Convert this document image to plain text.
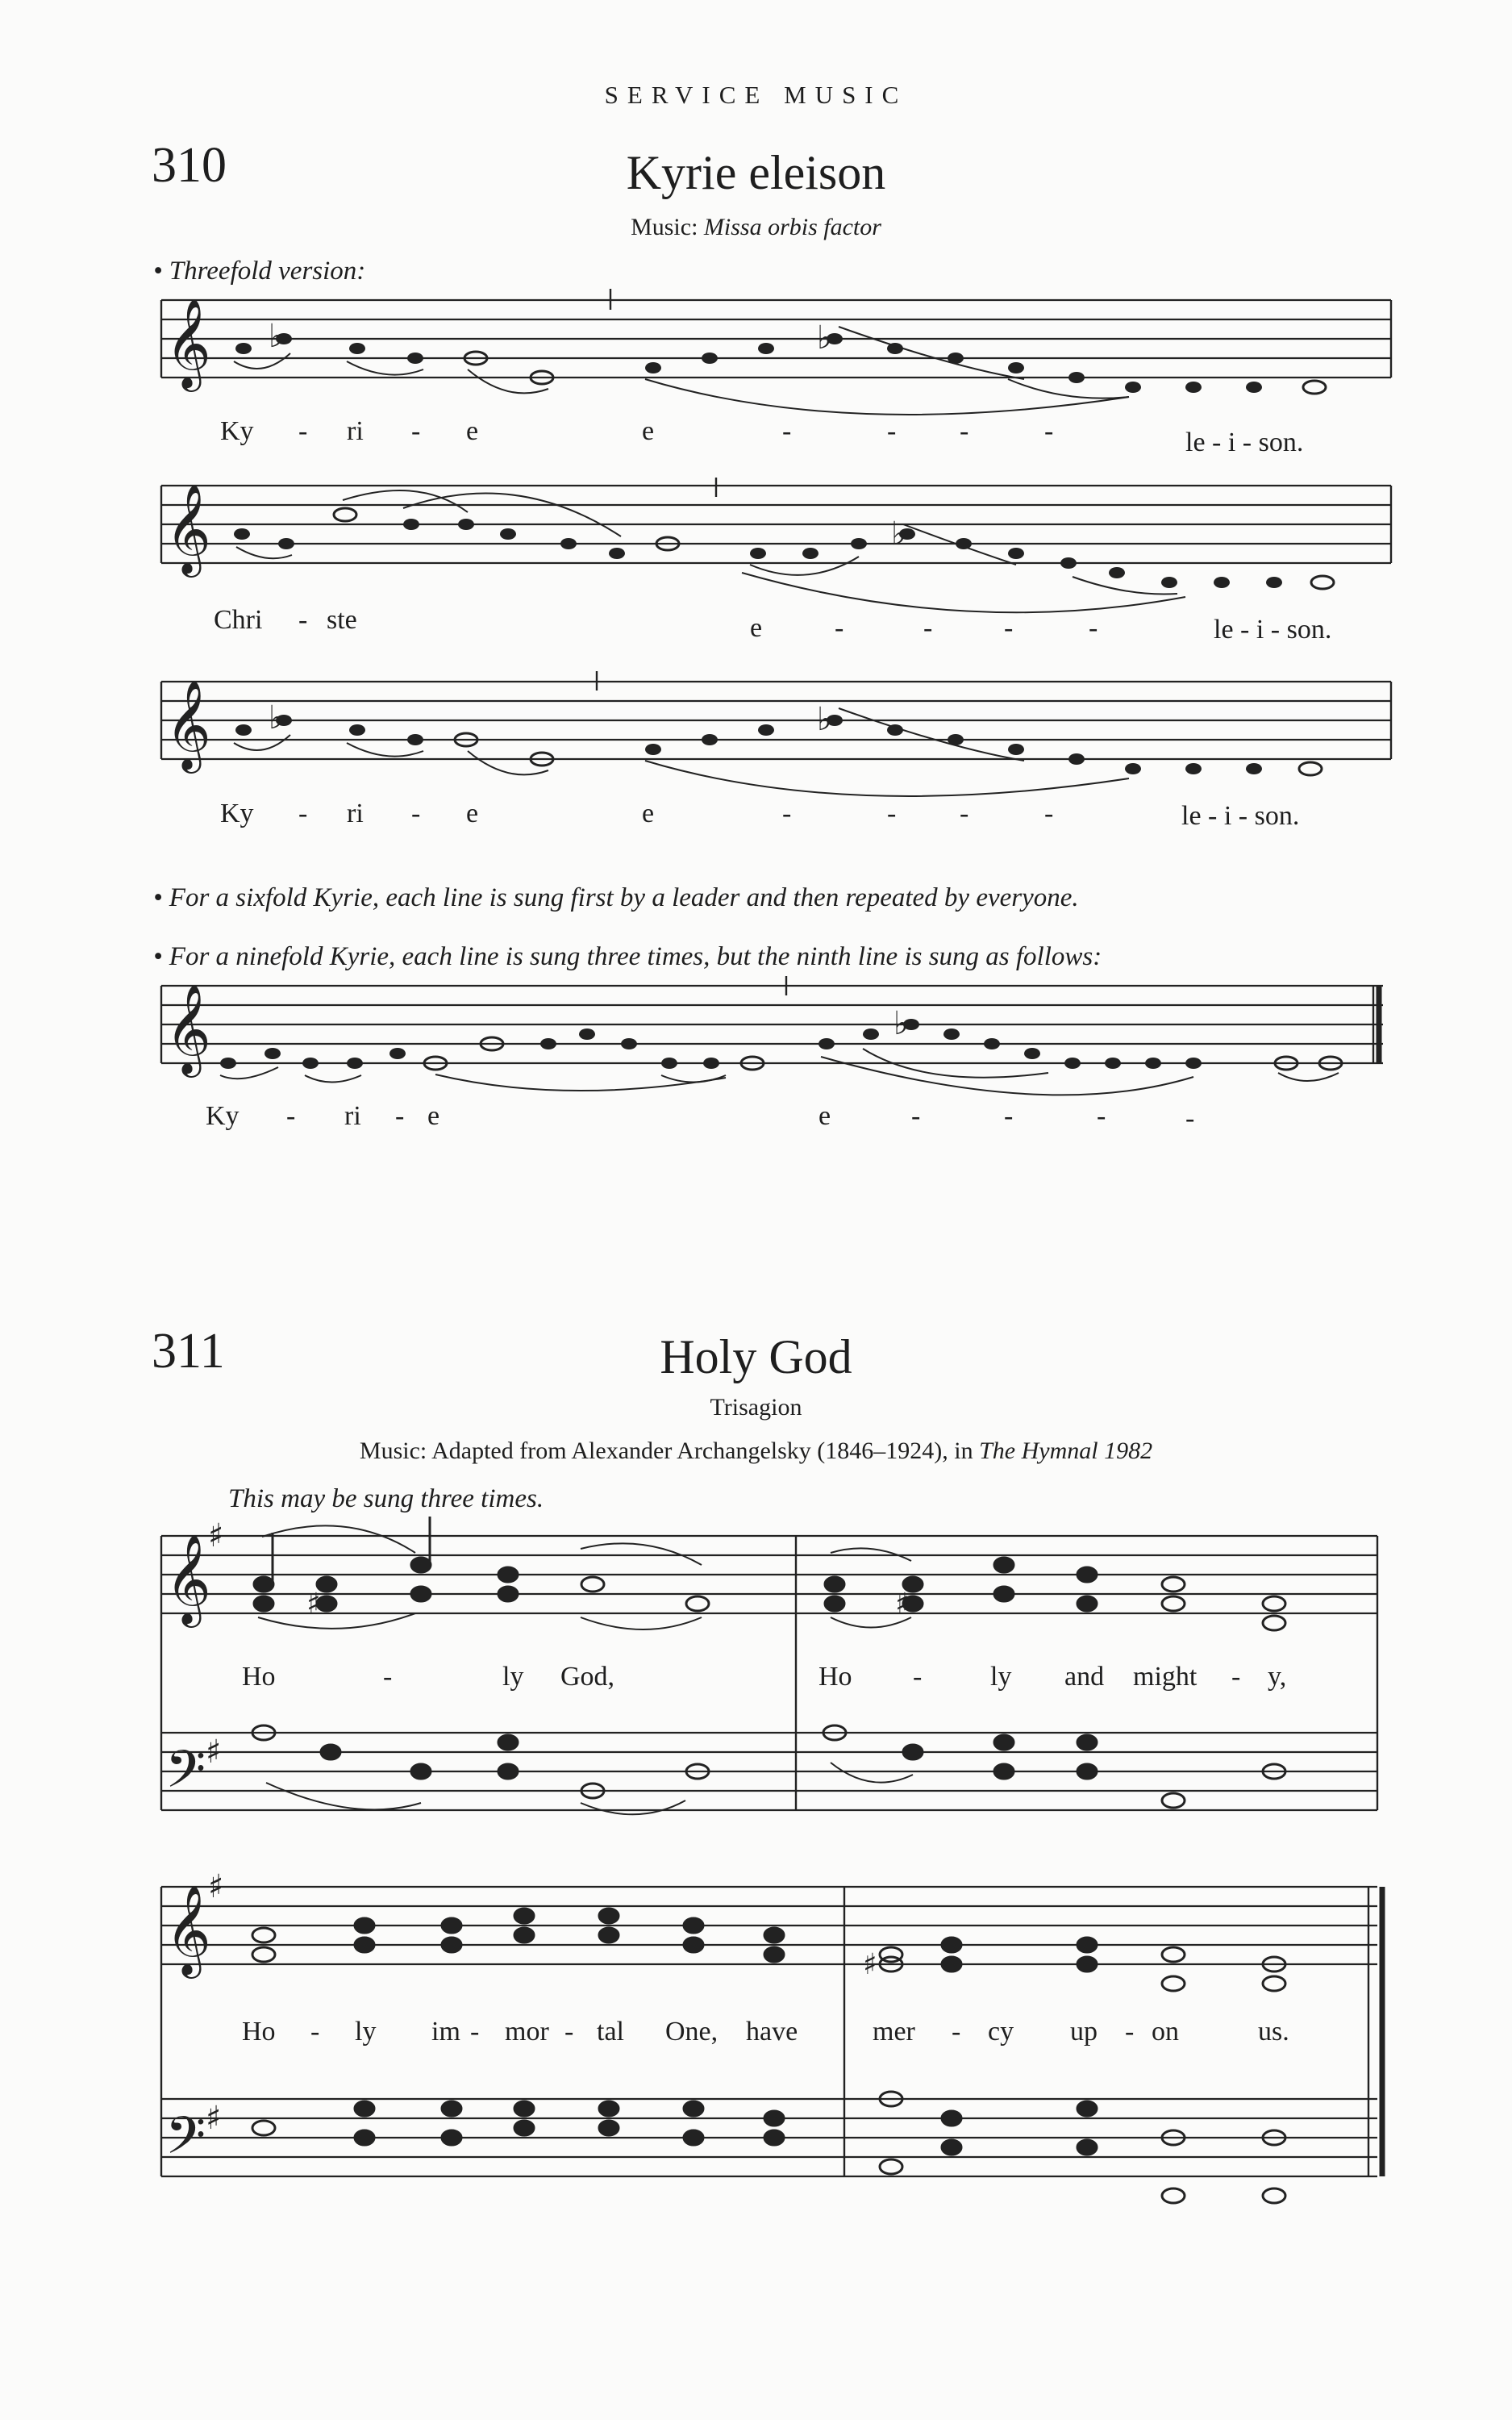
SERVICE MUSIC
310	Kyrie eleison
Music: Missa orbis factor
• Threefold version:
• For a sixfold Kyrie, each line is sung first by a leader and then repeated by everyone.
• For a ninefold Kyrie, each line is sung three times, but the ninth line is sung as follows:
311	Holy God
Trisagion
Music: Adapted from Alexander Archangelsky (1846–1924), in The Hymnal 1982
This may be sung three times.
Ky - ri - e	e	-	- -	-	le - i - son.
Chri - ste	e	-	-	-	-	le - i - son.
Ky - ri - e	e	-	- -	-	le - i - son.
Ky - ri - e	e	-	-	-	-
Ho	-	ly God,	Ho - ly and might - y,
Ho - ly im - mor - tal One, have	mer - cy up - on	us.
𝄞
𝄞
𝄞
𝄞
𝄞
𝄢
𝄞
𝄢
♯
♯
♯
♯
♭	♭
♭
♭	♭
♭
♯	♯
♯
